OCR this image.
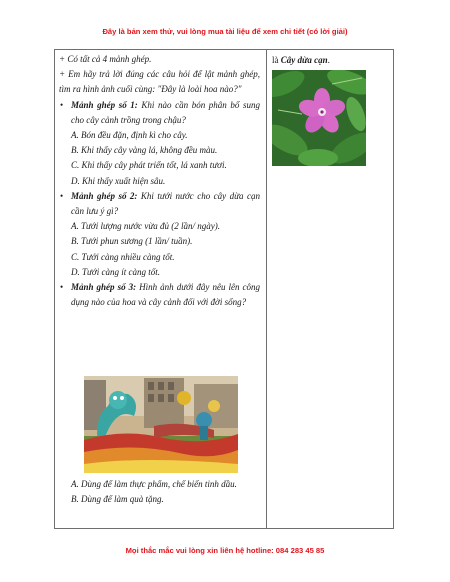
Đây là bản xem thử, vui lòng mua tài liệu để xem chi tiết (có lời giải)

+ Có tất cả 4 mảnh ghép.

+ Em hãy trả lời đúng các câu hỏi để lật mảnh ghép, tìm ra hình ảnh cuối cùng: "Đây là loài hoa nào?"

• Mảnh ghép số 1: Khi nào cần bón phân bổ sung cho cây cảnh trồng trong chậu?

A. Bón đều đặn, định kì cho cây.

B. Khi thấy cây vàng lá, không đều màu.

C. Khi thấy cây phát triển tốt, lá xanh tươi.

D. Khi thấy xuất hiện sâu.

• Mảnh ghép số 2: Khi tưới nước cho cây dừa cạn cần lưu ý gì?

A. Tưới lượng nước vừa đủ (2 lần/ ngày).

B. Tưới phun sương (1 lần/ tuần).

C. Tưới càng nhiều càng tốt.

D. Tưới càng ít càng tốt.

• Mảnh ghép số 3: Hình ảnh dưới đây nêu lên công dụng nào của hoa và cây cảnh đối với đời sống?

A. Dùng để làm thực phẩm, chế biến tinh dầu.

B. Dùng để làm quà tặng.

là Cây dừa cạn.
Mọi thắc mắc vui lòng xin liên hệ hotline: 084 283 45 85
